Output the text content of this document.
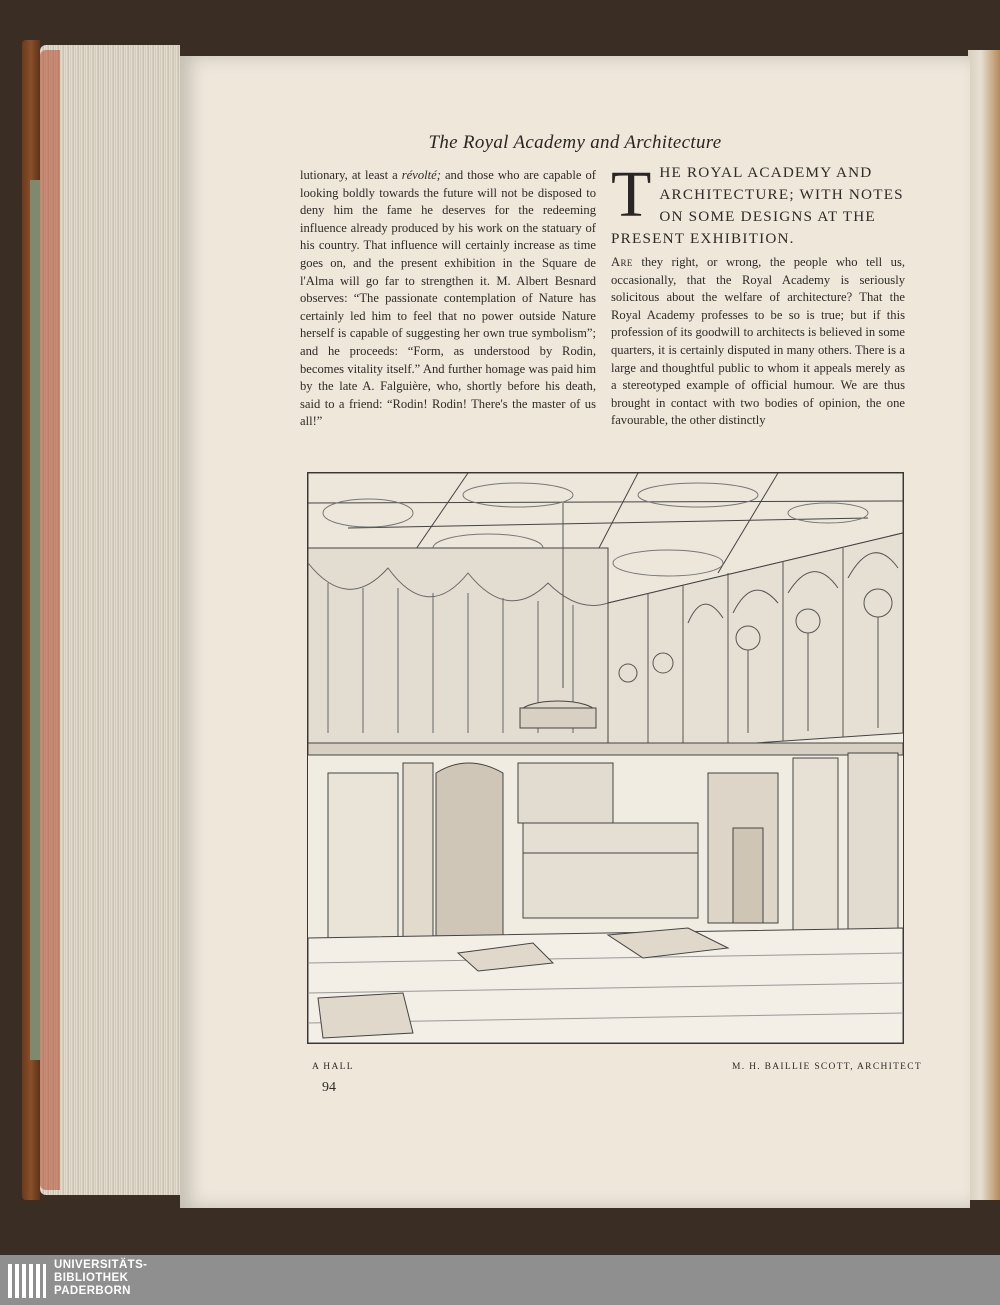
The Royal Academy and Architecture
lutionary, at least a révolté; and those who are capable of looking boldly towards the future will not be disposed to deny him the fame he deserves for the redeeming influence already produced by his work on the statuary of his country. That influence will certainly increase as time goes on, and the present exhibition in the Square de l'Alma will go far to strengthen it. M. Albert Besnard observes: “The passionate contemplation of Nature has certainly led him to feel that no power outside Nature herself is capable of suggesting her own true symbolism”; and he proceeds: “Form, as understood by Rodin, becomes vitality itself.” And further homage was paid him by the late A. Falguière, who, shortly before his death, said to a friend: “Rodin! Rodin! There's the master of us all!”
T HE ROYAL ACADEMY AND
ARCHITECTURE; WITH NOTES
ON SOME DESIGNS AT THE
PRESENT EXHIBITION.
Are they right, or wrong, the people who tell us, occasionally, that the Royal Academy is seriously solicitous about the welfare of architecture? That the Royal Academy professes to be so is true; but if this profession of its goodwill to architects is believed in some quarters, it is certainly disputed in many others. There is a large and thoughtful public to whom it appeals merely as a stereotyped example of official humour. We are thus brought in contact with two bodies of opinion, the one favourable, the other distinctly
A HALL	M. H. BAILLIE SCOTT, ARCHITECT
94
UNIVERSITÄTS-
BIBLIOTHEK
PADERBORN
